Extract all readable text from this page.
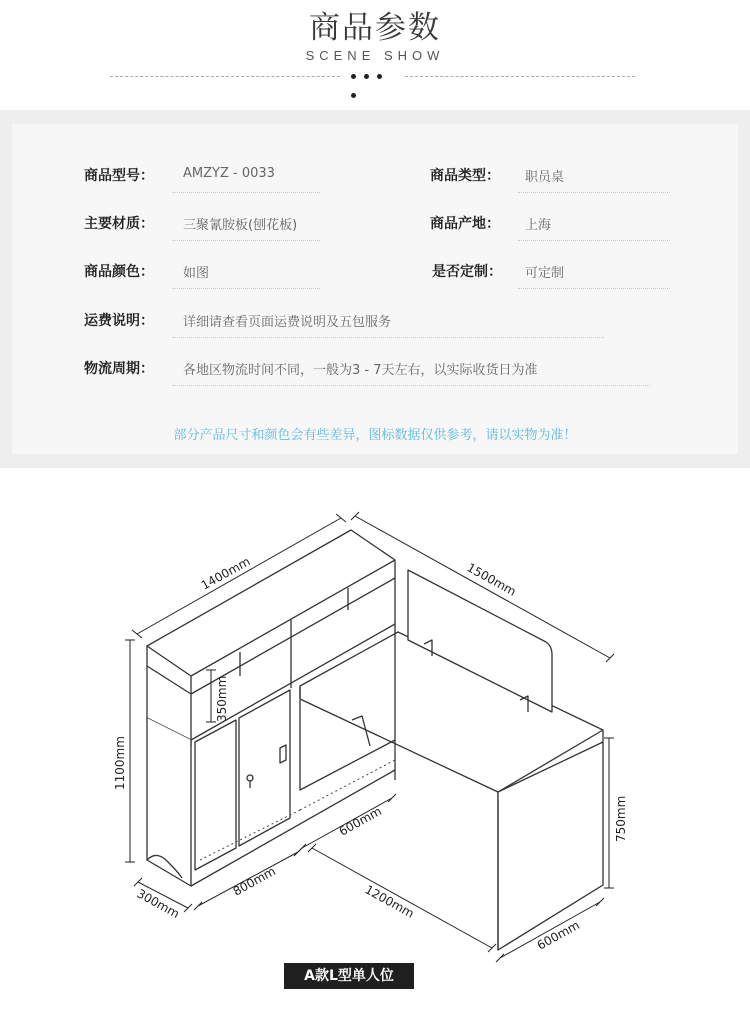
商品参数
SCENE SHOW
商品型号： AMZYZ - 0033	商品类型： 职员桌
主要材质： 三聚氰胺板(刨花板)	商品产地： 上海
商品颜色： 如图	是否定制： 可定制
运费说明： 详细请查看页面运费说明及五包服务
物流周期： 各地区物流时间不同，一般为3 - 7天左右，以实际收货日为准
部分产品尺寸和颜色会有些差异，图标数据仅供参考，请以实物为准！
1400mm	1500mm
350mm
1100mm
750mm
600mm
1200mm
800mm
300mm
600mm
A款L型单人位
